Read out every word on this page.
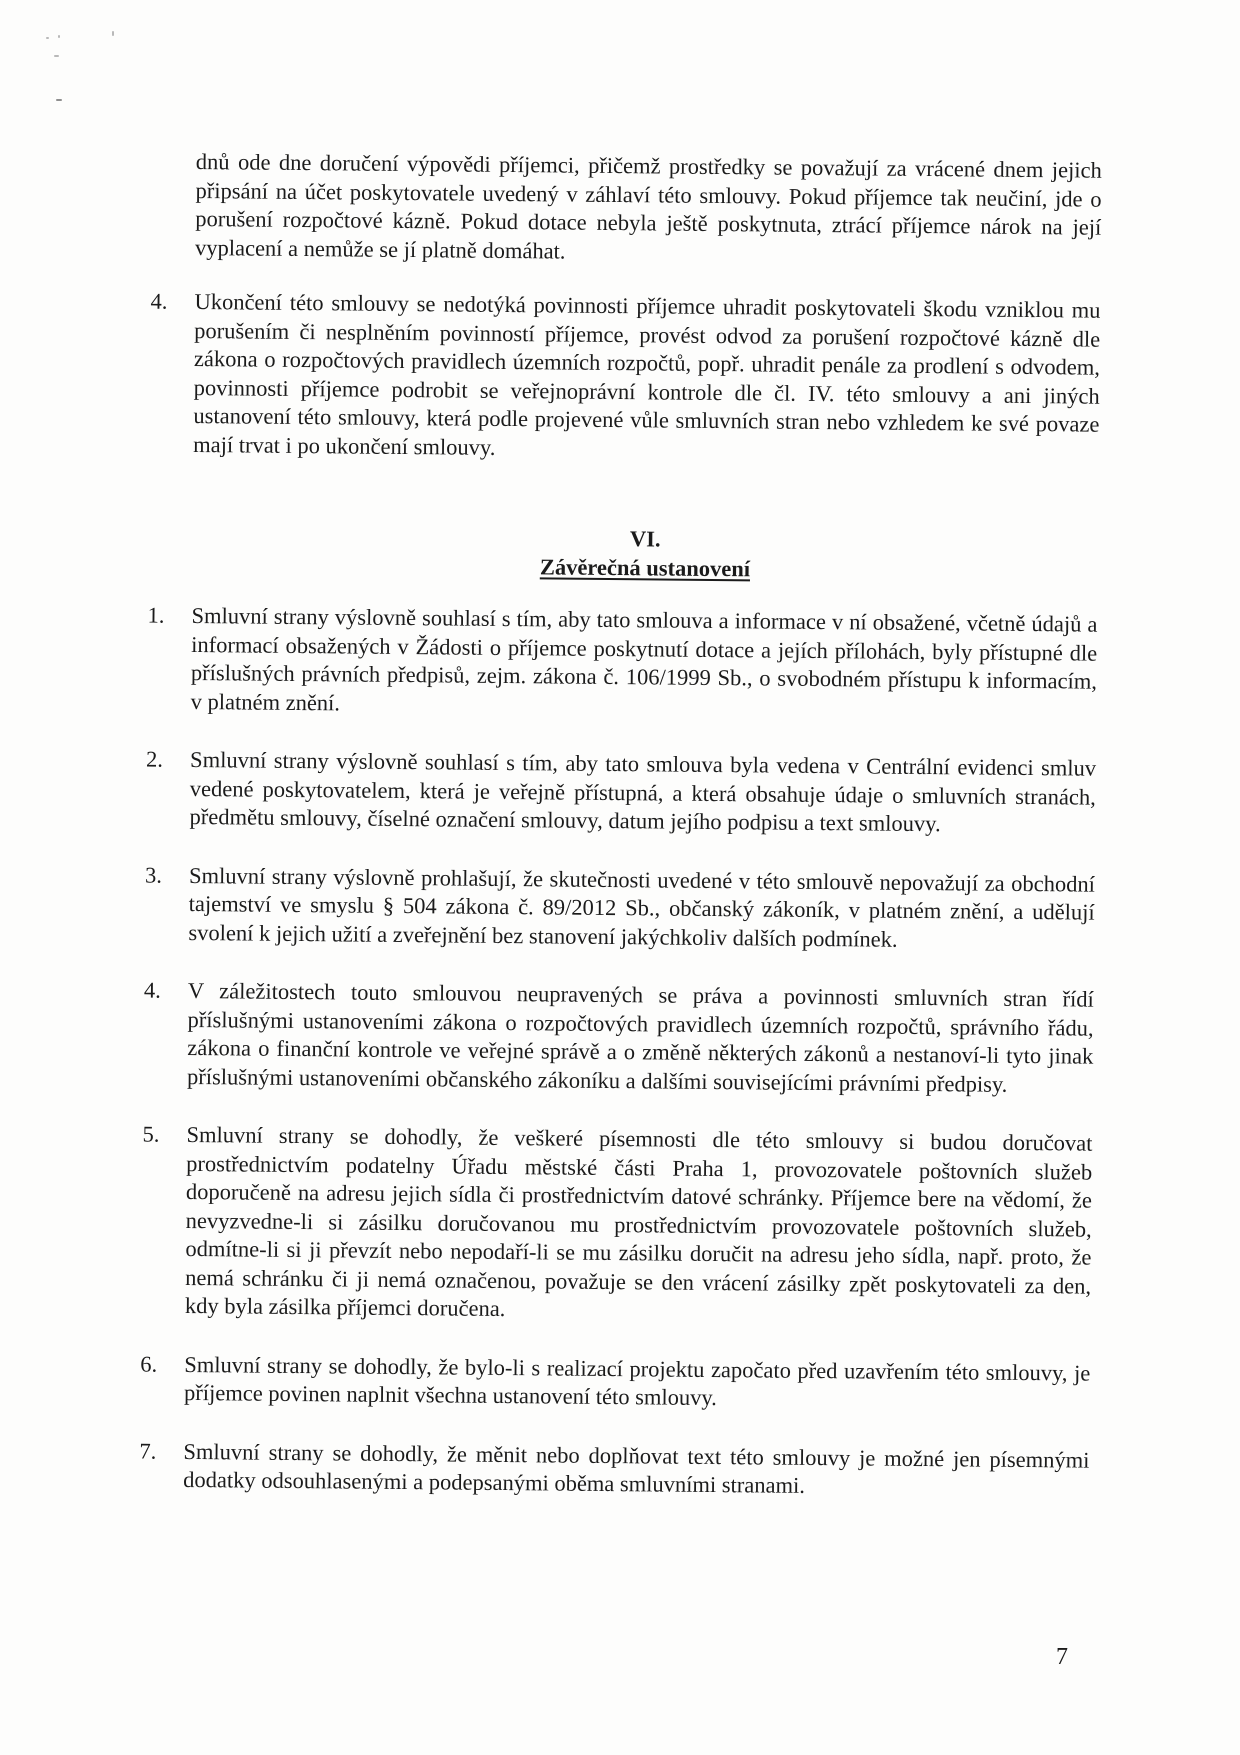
dnů ode dne doručení výpovědi příjemci, přičemž prostředky se považují za vrácené dnem jejich připsání na účet poskytovatele uvedený v záhlaví této smlouvy. Pokud příjemce tak neučiní, jde o porušení rozpočtové kázně. Pokud dotace nebyla ještě poskytnuta, ztrácí příjemce nárok na její vyplacení a nemůže se jí platně domáhat.

4. Ukončení této smlouvy se nedotýká povinnosti příjemce uhradit poskytovateli škodu vzniklou mu porušením či nesplněním povinností příjemce, provést odvod za porušení rozpočtové kázně dle zákona o rozpočtových pravidlech územních rozpočtů, popř. uhradit penále za prodlení s odvodem, povinnosti příjemce podrobit se veřejnoprávní kontrole dle čl. IV. této smlouvy a ani jiných ustanovení této smlouvy, která podle projevené vůle smluvních stran nebo vzhledem ke své povaze mají trvat i po ukončení smlouvy.

VI.

Závěrečná ustanovení

1. Smluvní strany výslovně souhlasí s tím, aby tato smlouva a informace v ní obsažené, včetně údajů a informací obsažených v Žádosti o příjemce poskytnutí dotace a jejích přílohách, byly přístupné dle příslušných právních předpisů, zejm. zákona č. 106/1999 Sb., o svobodném přístupu k informacím, v platném znění.
2. Smluvní strany výslovně souhlasí s tím, aby tato smlouva byla vedena v Centrální evidenci smluv vedené poskytovatelem, která je veřejně přístupná, a která obsahuje údaje o smluvních stranách, předmětu smlouvy, číselné označení smlouvy, datum jejího podpisu a text smlouvy.
3. Smluvní strany výslovně prohlašují, že skutečnosti uvedené v této smlouvě nepovažují za obchodní tajemství ve smyslu § 504 zákona č. 89/2012 Sb., občanský zákoník, v platném znění, a udělují svolení k jejich užití a zveřejnění bez stanovení jakýchkoliv dalších podmínek.
4. V záležitostech touto smlouvou neupravených se práva a povinnosti smluvních stran řídí příslušnými ustanoveními zákona o rozpočtových pravidlech územních rozpočtů, správního řádu, zákona o finanční kontrole ve veřejné správě a o změně některých zákonů a nestanoví-li tyto jinak příslušnými ustanoveními občanského zákoníku a dalšími souvisejícími právními předpisy.
5. Smluvní strany se dohodly, že veškeré písemnosti dle této smlouvy si budou doručovat prostřednictvím podatelny Úřadu městské části Praha 1, provozovatele poštovních služeb doporučeně na adresu jejich sídla či prostřednictvím datové schránky. Příjemce bere na vědomí, že nevyzvedne-li si zásilku doručovanou mu prostřednictvím provozovatele poštovních služeb, odmítne-li si ji převzít nebo nepodaří-li se mu zásilku doručit na adresu jeho sídla, např. proto, že nemá schránku či ji nemá označenou, považuje se den vrácení zásilky zpět poskytovateli za den, kdy byla zásilka příjemci doručena.
6. Smluvní strany se dohodly, že bylo-li s realizací projektu započato před uzavřením této smlouvy, je příjemce povinen naplnit všechna ustanovení této smlouvy.
7. Smluvní strany se dohodly, že měnit nebo doplňovat text této smlouvy je možné jen písemnými dodatky odsouhlasenými a podepsanými oběma smluvními stranami.
7
